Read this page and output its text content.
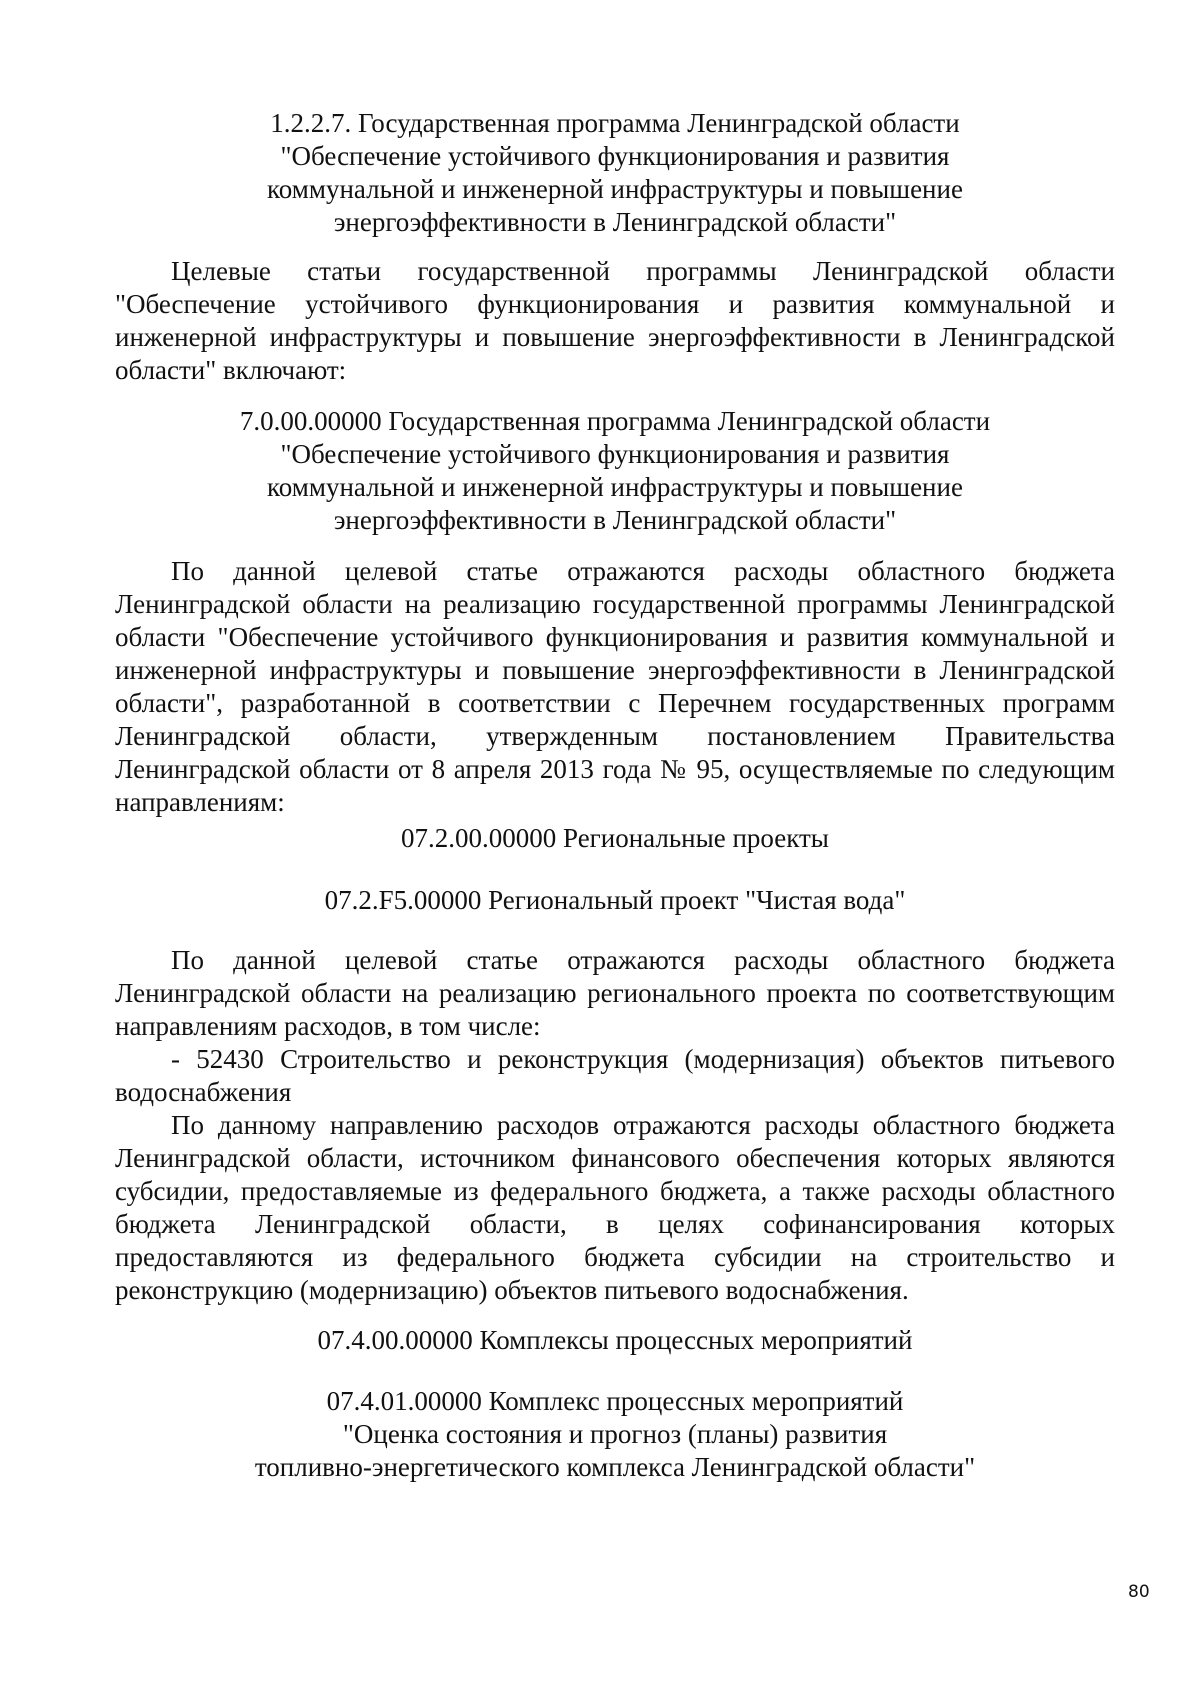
1.2.2.7. Государственная программа Ленинградской области
"Обеспечение устойчивого функционирования и развития
коммунальной и инженерной инфраструктуры и повышение
энергоэффективности в Ленинградской области"
Целевые статьи государственной программы Ленинградской области
"Обеспечение устойчивого функционирования и развития коммунальной и
инженерной инфраструктуры и повышение энергоэффективности в Ленинградской
области" включают:
7.0.00.00000 Государственная программа Ленинградской области
"Обеспечение устойчивого функционирования и развития
коммунальной и инженерной инфраструктуры и повышение
энергоэффективности в Ленинградской области"
По данной целевой статье отражаются расходы областного бюджета
Ленинградской области на реализацию государственной программы Ленинградской
области "Обеспечение устойчивого функционирования и развития коммунальной и
инженерной инфраструктуры и повышение энергоэффективности в Ленинградской
области", разработанной в соответствии с Перечнем государственных программ
Ленинградской области, утвержденным постановлением Правительства
Ленинградской области от 8 апреля 2013 года № 95, осуществляемые по следующим
направлениям:
07.2.00.00000 Региональные проекты
07.2.F5.00000 Региональный проект "Чистая вода"
По данной целевой статье отражаются расходы областного бюджета
Ленинградской области на реализацию регионального проекта по соответствующим
направлениям расходов, в том числе:
- 52430 Строительство и реконструкция (модернизация) объектов питьевого
водоснабжения
По данному направлению расходов отражаются расходы областного бюджета
Ленинградской области, источником финансового обеспечения которых являются
субсидии, предоставляемые из федерального бюджета, а также расходы областного
бюджета Ленинградской области, в целях софинансирования которых
предоставляются из федерального бюджета субсидии на строительство и
реконструкцию (модернизацию) объектов питьевого водоснабжения.
07.4.00.00000 Комплексы процессных мероприятий
07.4.01.00000 Комплекс процессных мероприятий
"Оценка состояния и прогноз (планы) развития
топливно-энергетического комплекса Ленинградской области"
80
